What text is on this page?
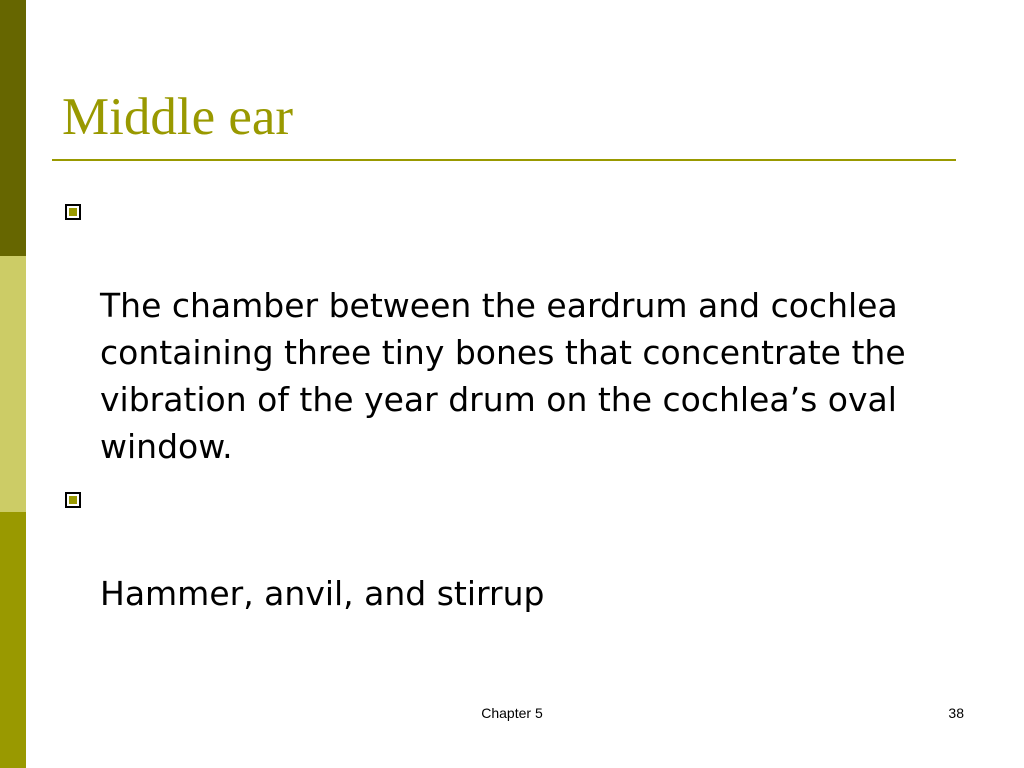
Middle ear

The chamber between the eardrum and cochlea containing three tiny bones that concentrate the vibration of the year drum on the cochlea’s oval window.

Hammer, anvil, and stirrup

Chapter 5	38
